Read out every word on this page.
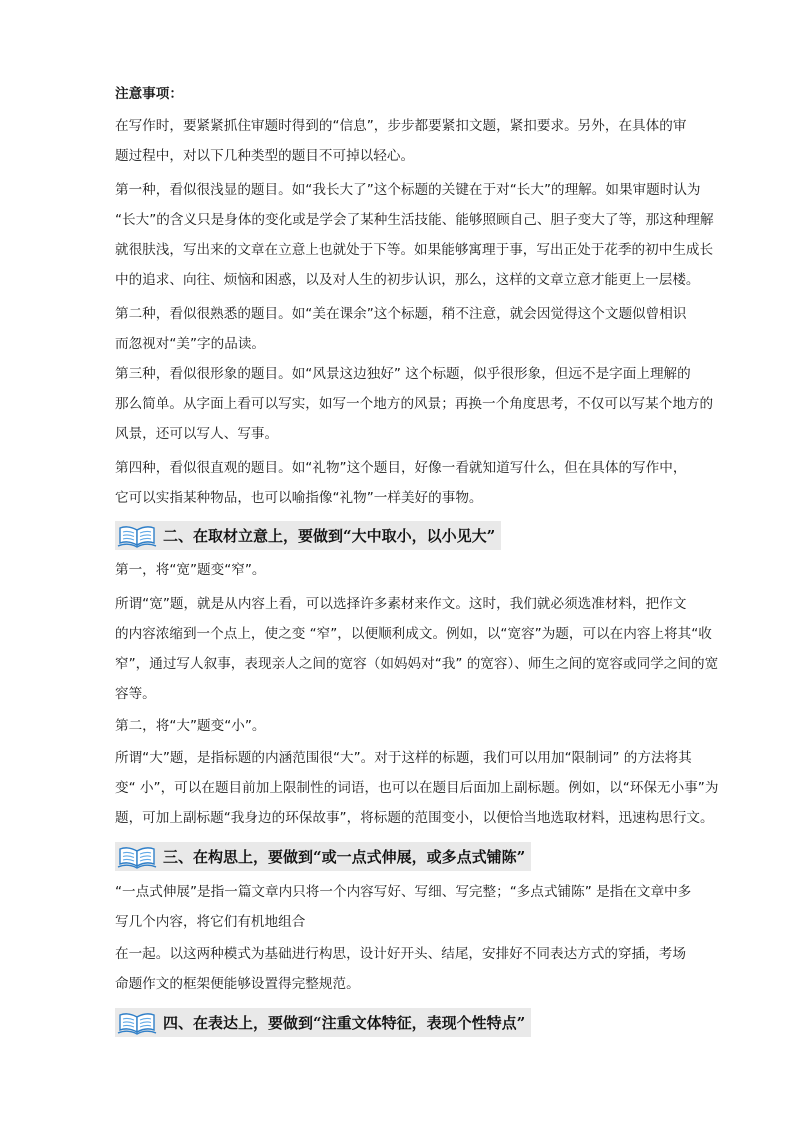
注意事项：

在写作时，要紧紧抓住审题时得到的“信息”，步步都要紧扣文题，紧扣要求。另外，在具体的审

题过程中，对以下几种类型的题目不可掉以轻心。

第一种，看似很浅显的题目。如“我长大了”这个标题的关键在于对“长大”的理解。如果审题时认为

“长大”的含义只是身体的变化或是学会了某种生活技能、能够照顾自己、胆子变大了等，那这种理解

就很肤浅，写出来的文章在立意上也就处于下等。如果能够寓理于事，写出正处于花季的初中生成长

中的追求、向往、烦恼和困惑，以及对人生的初步认识，那么，这样的文章立意才能更上一层楼。

第二种，看似很熟悉的题目。如“美在课余”这个标题，稍不注意，就会因觉得这个文题似曾相识

而忽视对“美”字的品读。

第三种，看似很形象的题目。如“风景这边独好” 这个标题，似乎很形象，但远不是字面上理解的

那么简单。从字面上看可以写实，如写一个地方的风景；再换一个角度思考，不仅可以写某个地方的

风景，还可以写人、写事。

第四种，看似很直观的题目。如“礼物”这个题目，好像一看就知道写什么，但在具体的写作中，

它可以实指某种物品，也可以喻指像“礼物”一样美好的事物。

二、在取材立意上，要做到“大中取小，以小见大”

第一，将“宽”题变“窄”。

所谓“宽”题，就是从内容上看，可以选择许多素材来作文。这时，我们就必须选准材料，把作文

的内容浓缩到一个点上，使之变 “窄”，以便顺利成文。例如，以“宽容”为题，可以在内容上将其“收

窄”，通过写人叙事，表现亲人之间的宽容（如妈妈对“我” 的宽容）、师生之间的宽容或同学之间的宽

容等。

第二，将“大”题变“小”。

所谓“大”题，是指标题的内涵范围很“大”。对于这样的标题，我们可以用加“限制词” 的方法将其

变“ 小”，可以在题目前加上限制性的词语，也可以在题目后面加上副标题。例如，以“环保无小事”为

题，可加上副标题“我身边的环保故事”，将标题的范围变小，以便恰当地选取材料，迅速构思行文。

三、在构思上，要做到“或一点式伸展，或多点式铺陈”

“一点式伸展”是指一篇文章内只将一个内容写好、写细、写完整；“多点式铺陈” 是指在文章中多

写几个内容，将它们有机地组合

在一起。以这两种模式为基础进行构思，设计好开头、结尾，安排好不同表达方式的穿插，考场

命题作文的框架便能够设置得完整规范。

四、在表达上，要做到“注重文体特征，表现个性特点”
